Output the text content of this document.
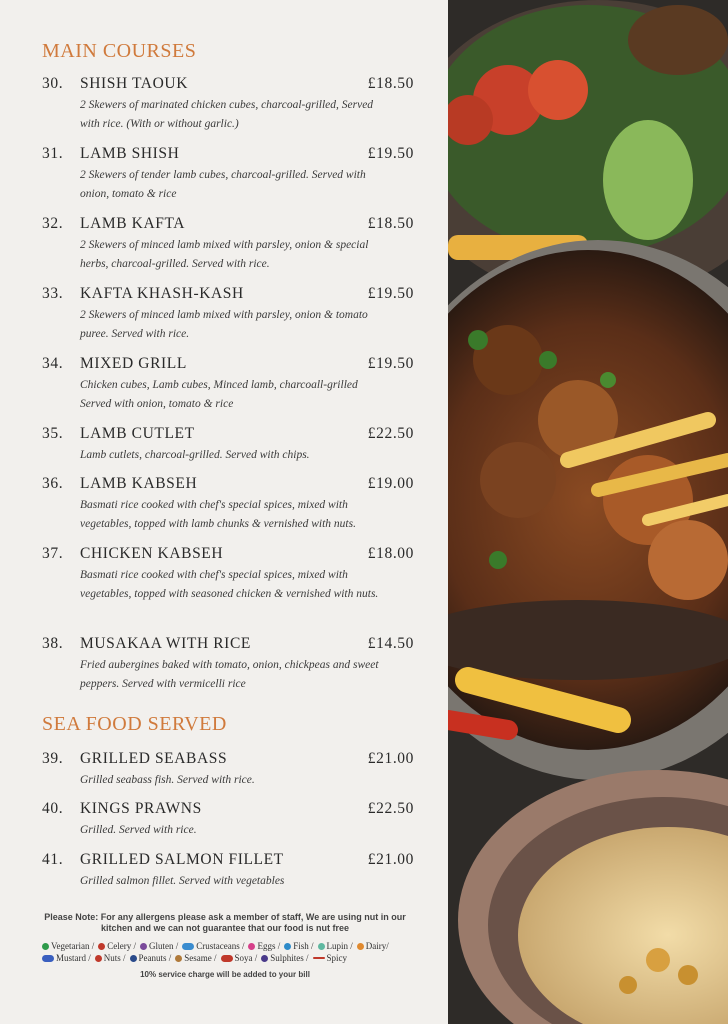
MAIN COURSES
30.	SHISH TAOUK	£18.50
2 Skewers of marinated chicken cubes, charcoal-grilled, Served with rice. (With or without garlic.)
31.	LAMB SHISH	£19.50
2 Skewers of tender lamb cubes, charcoal-grilled. Served with onion, tomato & rice
32.	LAMB KAFTA	£18.50
2 Skewers of minced lamb mixed with parsley, onion & special herbs, charcoal-grilled. Served with rice.
33.	KAFTA KHASH-KASH	£19.50
2 Skewers of minced lamb mixed with parsley, onion & tomato puree. Served with rice.
34.	MIXED GRILL	£19.50
Chicken cubes, Lamb cubes, Minced lamb, charcoall-grilled Served with onion, tomato & rice
35.	LAMB CUTLET	£22.50
Lamb cutlets, charcoal-grilled. Served with chips.
36.	LAMB KABSEH	£19.00
Basmati rice cooked with chef's special spices, mixed with vegetables, topped with lamb chunks & vernished with nuts.
37.	CHICKEN KABSEH	£18.00
Basmati rice cooked with chef's special spices, mixed with vegetables, topped with seasoned chicken & vernished with nuts.
38.	MUSAKAA WITH RICE	£14.50
Fried aubergines baked with tomato, onion, chickpeas and sweet peppers. Served with vermicelli rice
SEA FOOD SERVED
39.	GRILLED SEABASS	£21.00
Grilled seabass fish. Served with rice.
40.	KINGS PRAWNS	£22.50
Grilled. Served with rice.
41.	GRILLED SALMON FILLET	£21.00
Grilled salmon fillet. Served with vegetables
Please Note: For any allergens please ask a member of staff, We are using nut in our kitchen and we can not guarantee that our food is nut free
Vegetarian / Celery / Gluten / Crustaceans / Eggs / Fish / Lupin / Dairy/
Mustard / Nuts / Peanuts / Sesame / Soya / Sulphites / Spicy
10% service charge will be added to your bill
